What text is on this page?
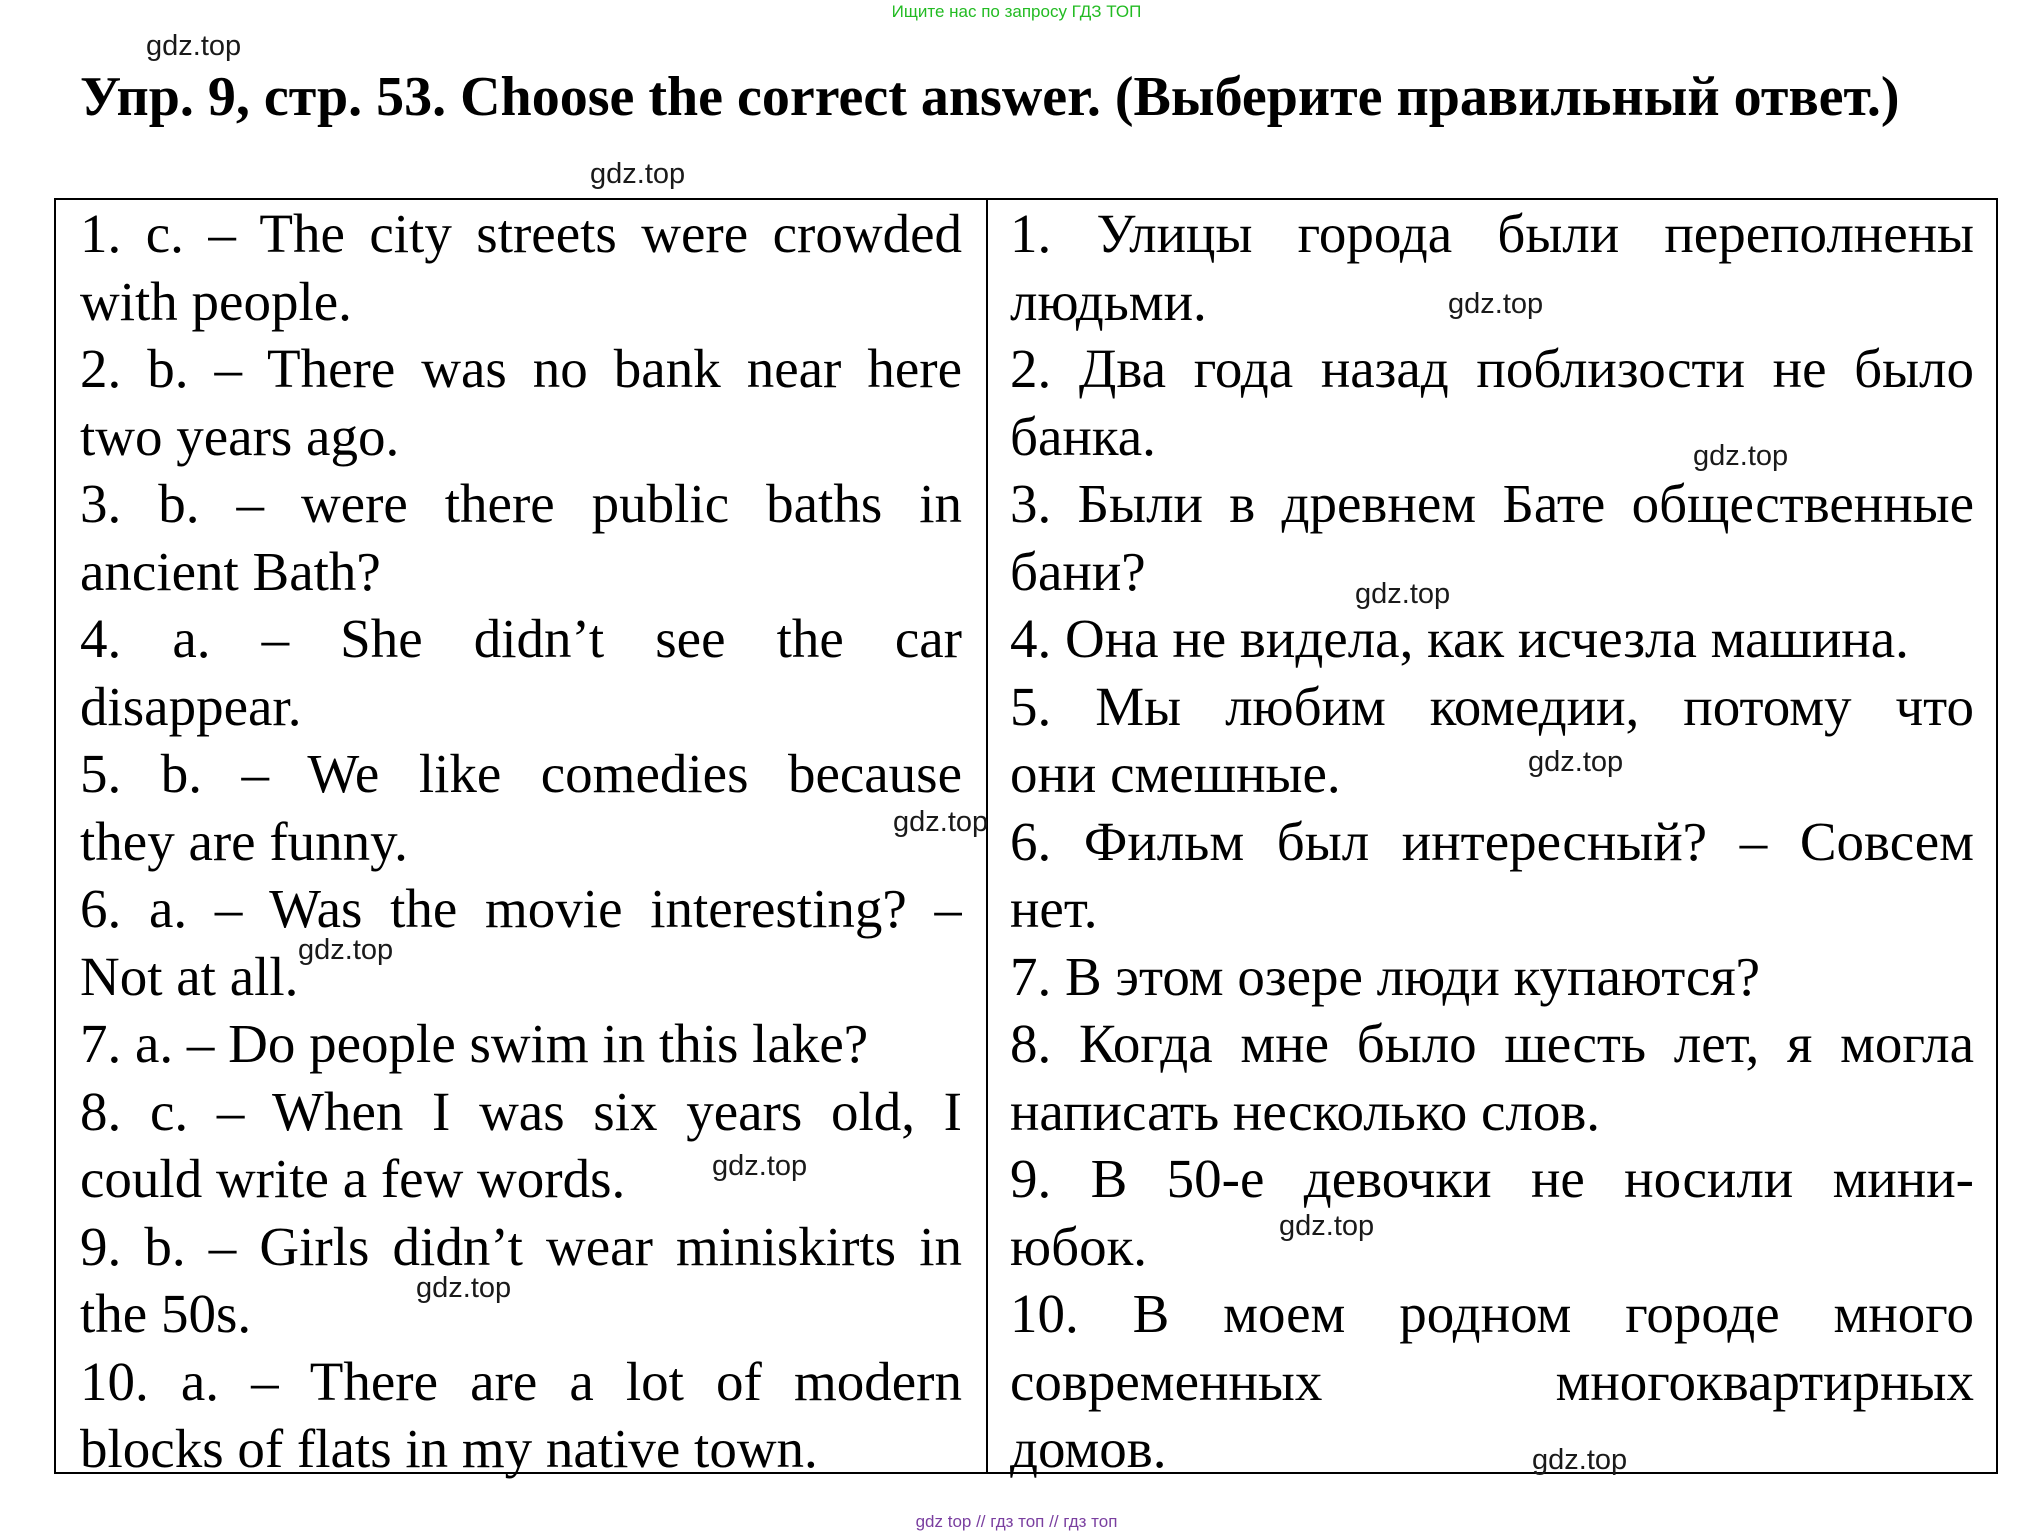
Ищите нас по запросу ГДЗ ТОП
Упр. 9, стр. 53. Choose the correct answer. (Выберите правильный ответ.)
1. c. – The city streets were crowded
with people.
2. b. – There was no bank near here
two years ago.
3. b. – were there public baths in
ancient Bath?
4. a. – She didn’t see the car
disappear.
5. b. – We like comedies because
they are funny.
6. a. – Was the movie interesting? –
Not at all.
7. a. – Do people swim in this lake?
8. c. – When I was six years old, I
could write a few words.
9. b. – Girls didn’t wear miniskirts in
the 50s.
10. a. – There are a lot of modern
blocks of flats in my native town.
1. Улицы города были переполнены
людьми.
2. Два года назад поблизости не было
банка.
3. Были в древнем Бате общественные
бани?
4. Она не видела, как исчезла машина.
5. Мы любим комедии, потому что
они смешные.
6. Фильм был интересный? – Совсем
нет.
7. В этом озере люди купаются?
8. Когда мне было шесть лет, я могла
написать несколько слов.
9. В 50-е девочки не носили мини-
юбок.
10. В моем родном городе много
современных многоквартирных
домов.
gdz.top
gdz.top
gdz.top
gdz.top
gdz.top
gdz.top
gdz.top
gdz.top
gdz.top
gdz.top
gdz.top
gdz.top
gdz top // гдз топ // гдз топ
